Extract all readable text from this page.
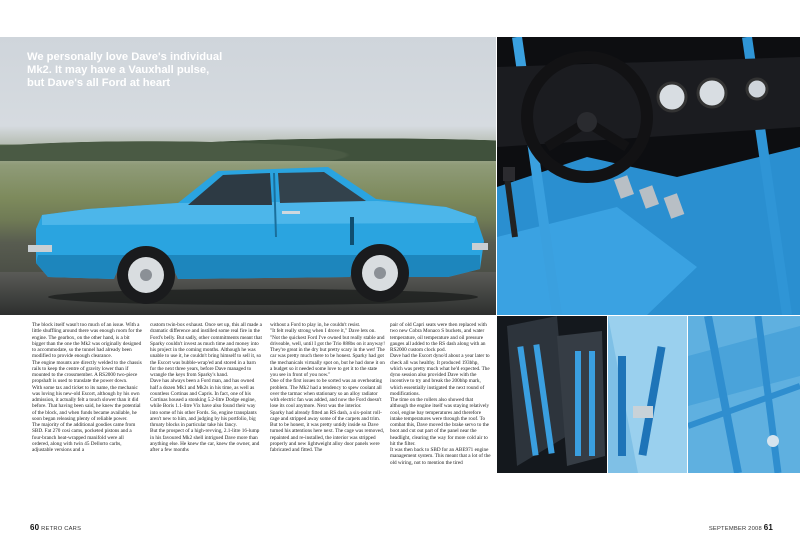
We personally love Dave's individual
Mk2. It may have a Vauxhall pulse,
but Dave's all Ford at heart

The block itself wasn't too much of an issue. With a little shuffling around there was enough room for the engine. The gearbox, on the other hand, is a bit bigger than the one the Mk2 was originally designed to accommodate, so the tunnel had already been modified to provide enough clearance.

The engine mounts are directly welded to the chassis rails to keep the centre of gravity lower than if mounted to the crossmember. A RS2000 two-piece propshaft is used to translate the power down.

With some tax and ticket to its name, the mechanic was loving his new-old Escort, although by his own admission, it actually felt a touch slower than it did before. That having been said, he knew the potential of the block, and when funds became available, he soon began releasing plenty of reliable power.

The majority of the additional goodies came from SBD. Fat 270 cosi cams, pocketed pistons and a four-branch heat-wrapped manifold were all ordered, along with twin 45 Dellorto carbs, adjustable versions and a

custom twin-box exhaust. Once set up, this all made a dramatic difference and instilled some real fire in the Ford's belly. But sadly, other commitments meant that Sparky couldn't invest as much time and money into his project in the coming months. Although he was unable to use it, he couldn't bring himself to sell it, so the Escort was bubble-wrap'ed and stored in a barn for the next three years, before Dave managed to wrangle the keys from Sparky's hand.

Dave has always been a Ford man, and has owned half a dozen Mk1 and Mk2s in his time, as well as countless Cortinas and Capris. In fact, one of his Cortinas housed a stonking 5.2-litre Dodge engine, while Boris 1.1-litre Vix have also found their way into some of his other Fords. So, engine transplants aren't new to him, and judging by his portfolio, big throaty blocks in particular take his fancy.

But the prospect of a high-revving, 2.1-litre 16-lump in his favoured Mk2 shell intrigued Dave more than anything else. He knew the car, knew the owner, and after a few months

without a Ford to play in, he couldn't resist.

"It felt really strong when I drove it," Dave lets on. "Not the quickest Ford I've owned but really stable and driveable, well, until I got the Trio 888bs on it anyway! They're great in the dry but pretty scary in the wet! The car was pretty much there to be honest. Sparky had got the mechanicals virtually spot on, but he had done it on a budget so it needed some love to get it to the state you see in front of you now."

One of the first issues to be sorted was an overheating problem. The Mk2 had a tendency to spew coolant all over the tarmac when stationary so an alloy radiator with electric fan was added, and now the Ford doesn't lose its cool anymore. Next was the interior.

Sparky had already fitted an RS dash, a six-point roll-cage and stripped away some of the carpets and trim. But to be honest, it was pretty untidy inside so Dave turned his attentions here next. The cage was removed, repainted and re-installed, the interior was stripped properly and new lightweight alloy door panels were fabricated and fitted. The

pair of old Capri seats were then replaced with two new Cobra Monaco S buckets, and water temperature, oil temperature and oil pressure gauges all added to the RS dash along with an RS2000 custom clock pod.

Dave had the Escort dyno'd about a year later to check all was healthy. It produced 193bhp, which was pretty much what he'd expected. The dyno session also provided Dave with the incentive to try and break the 200bhp mark, which essentially instigated the next round of modifications.

The time on the rollers also showed that although the engine itself was staying relatively cool, engine bay temperatures and therefore intake temperatures were through the roof. To combat this, Dave moved the brake servo to the boot and cut out part of the panel near the headlight, clearing the way for more cold air to hit the filter.

It was then back to SBD for an ABE971 engine management system. This meant that a lot of the old wiring, not to mention the tired

60 RETRO CARS	SEPTEMBER 2008 61
